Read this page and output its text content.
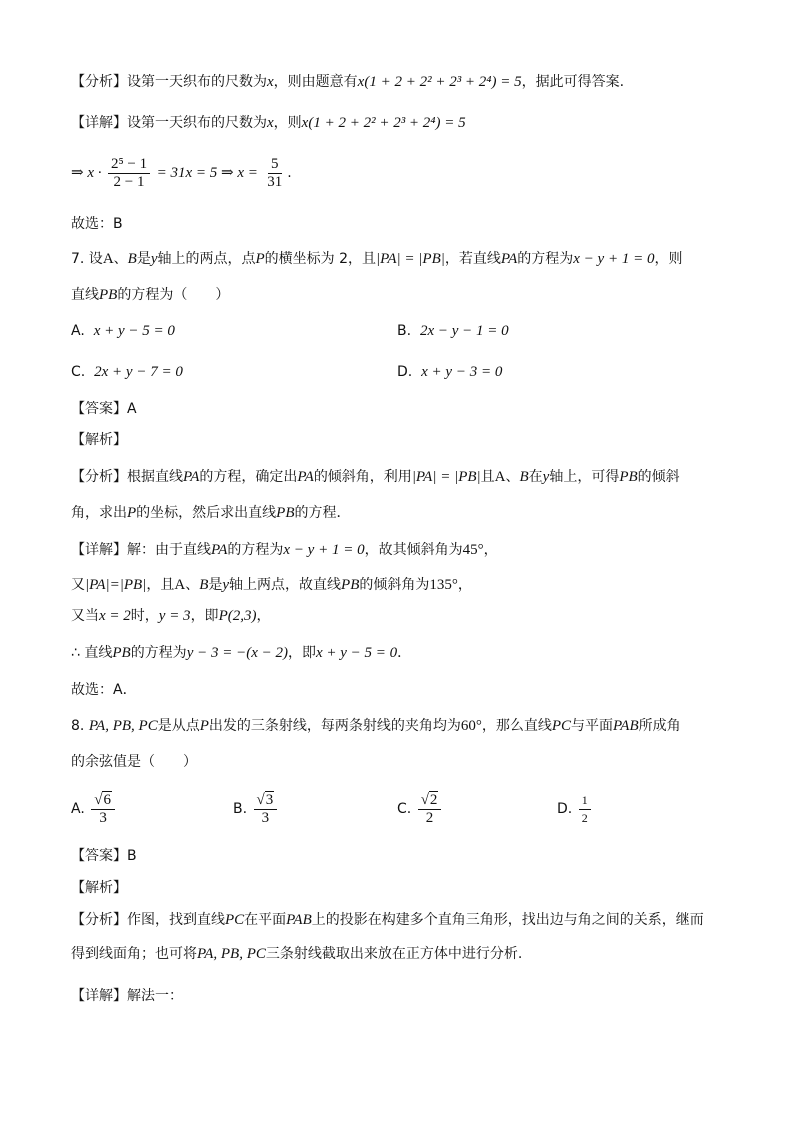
【分析】设第一天织布的尺数为x，则由题意有x(1 + 2 + 2² + 2³ + 2⁴) = 5，据此可得答案.
【详解】设第一天织布的尺数为x，则x(1 + 2 + 2² + 2³ + 2⁴) = 5
⇒ $x \cdot \frac{\text{2⁵ − 1}}{2 - 1} = 31x = 5$ ⇒ $x = \frac{5}{31}$ .
故选：B
7. 设A、B是y轴上的两点，点P的横坐标为 2，且|PA| = |PB|，若直线PA的方程为x − y + 1 = 0，则
直线PB的方程为（　　）
A. x + y − 5 = 0	B. 2x − y − 1 = 0
C. 2x + y − 7 = 0	D. x + y − 3 = 0
【答案】A
【解析】
【分析】根据直线PA的方程，确定出PA的倾斜角，利用|PA| = |PB|且A、B在y轴上，可得PB的倾斜
角，求出P的坐标，然后求出直线PB的方程．
【详解】解：由于直线PA的方程为x − y + 1 = 0，故其倾斜角为45°，
又|PA|=|PB|，且A、B是y轴上两点，故直线PB的倾斜角为135°，
又当x = 2时，y = 3，即P(2,3)，
∴ 直线PB的方程为y − 3 = −(x − 2)，即x + y − 5 = 0．
故选：A．
8. PA, PB, PC是从点P出发的三条射线，每两条射线的夹角均为60°，那么直线PC与平面PAB所成角
的余弦值是（　　）
A. $\frac{√6}{3}$	B. $\frac{√3}{3}$	C. $\frac{√2}{2}$	D. $\frac{1}{2}$
【答案】B
【解析】
【分析】作图，找到直线PC在平面PAB上的投影在构建多个直角三角形，找出边与角之间的关系，继而
得到线面角；也可将PA, PB, PC三条射线截取出来放在正方体中进行分析.
【详解】解法一：
